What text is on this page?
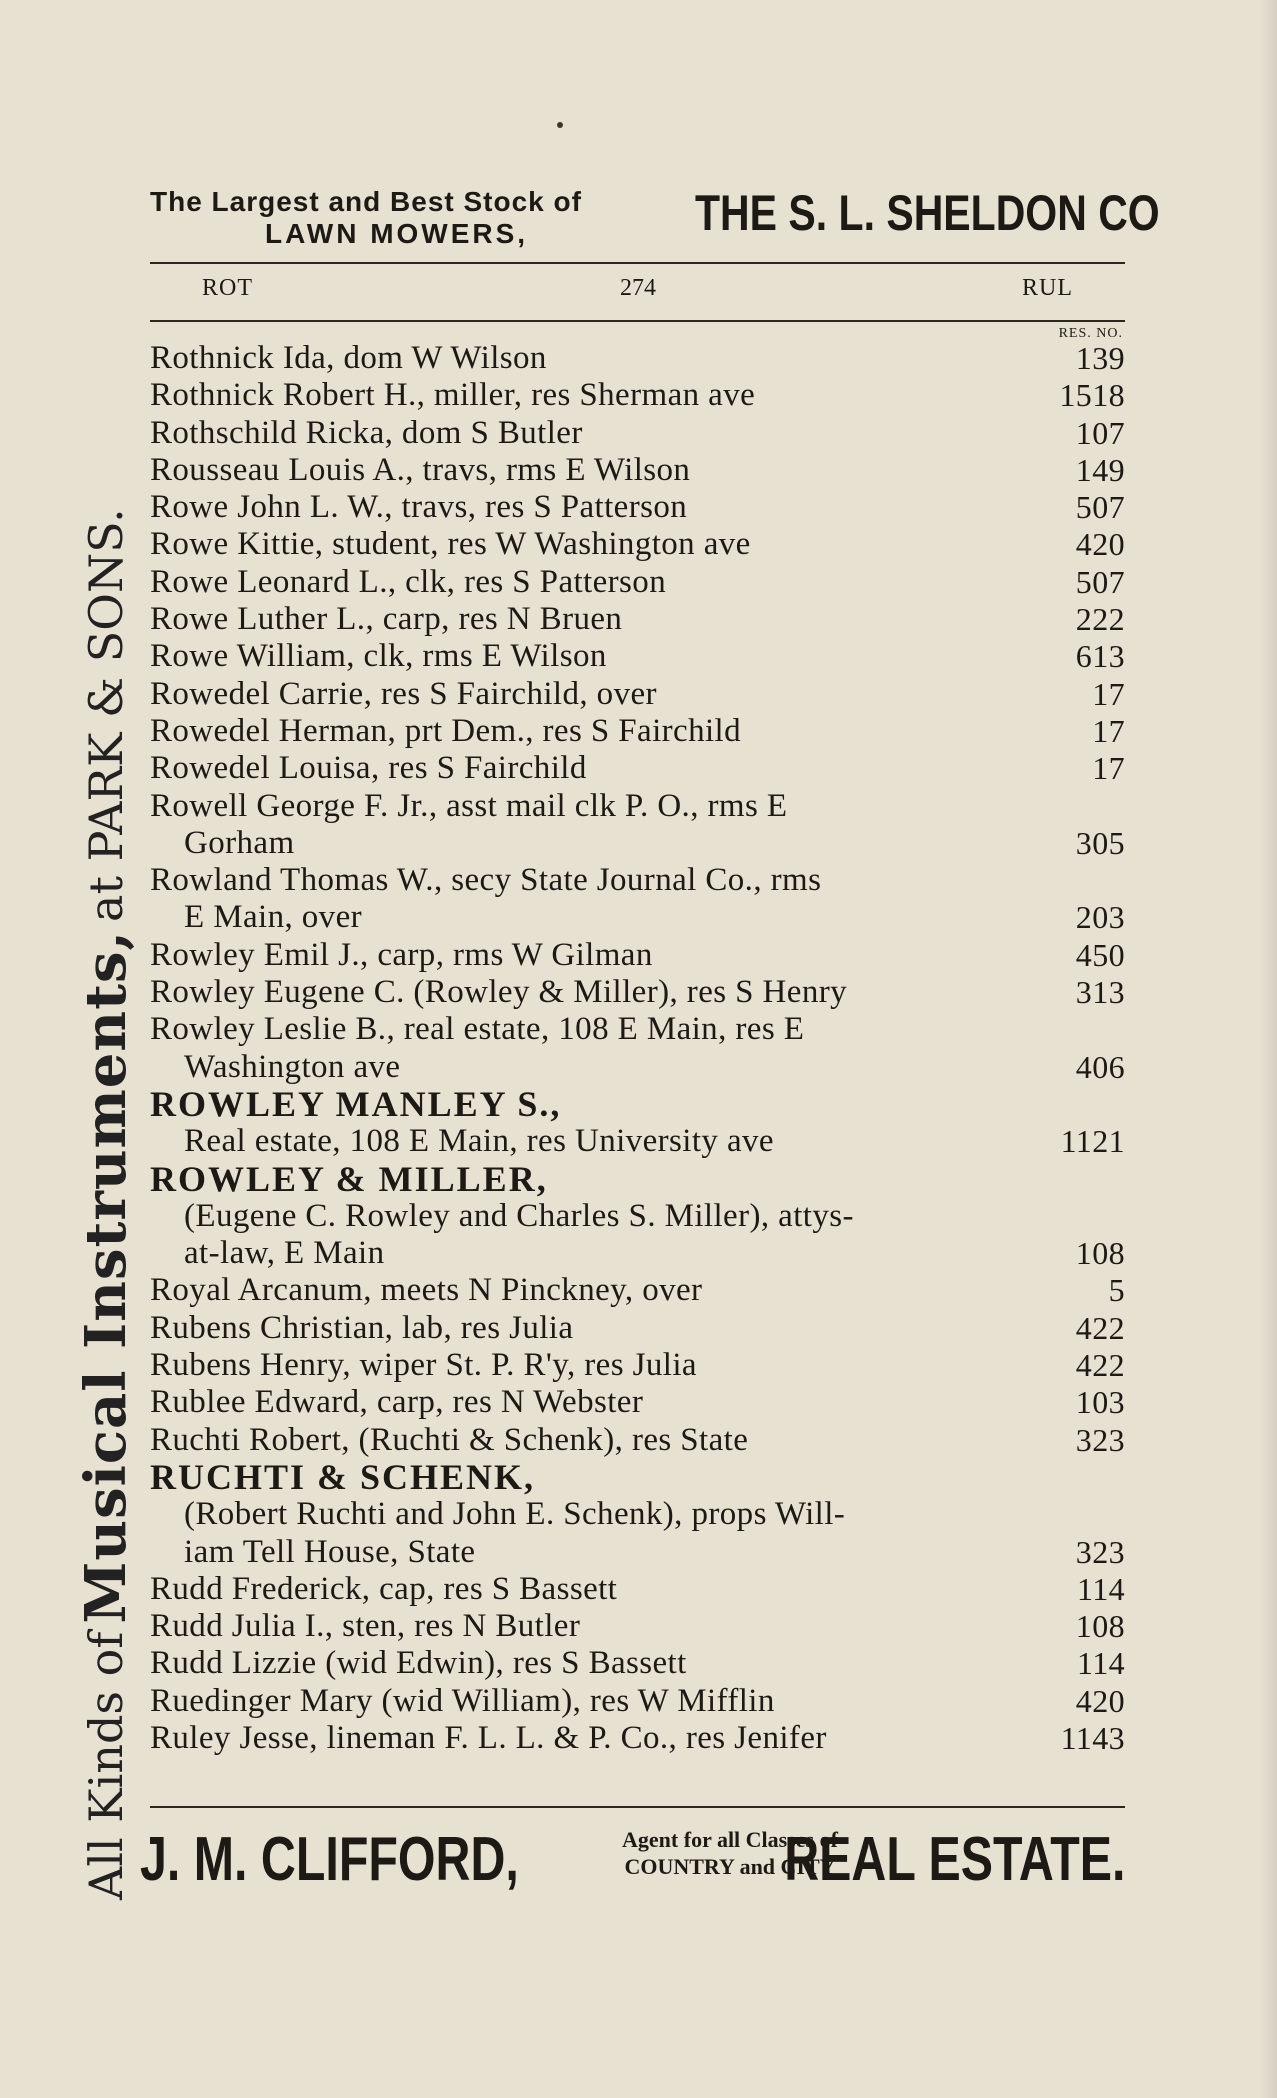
All Kinds of
Musical Instruments,
at PARK & SONS.
The Largest and Best Stock of
LAWN MOWERS,	THE S. L. SHELDON CO
ROT	274	RUL
RES. NO.
Rothnick Ida, dom W Wilson	139
Rothnick Robert H., miller, res Sherman ave	1518
Rothschild Ricka, dom S Butler	107
Rousseau Louis A., travs, rms E Wilson	149
Rowe John L. W., travs, res S Patterson	507
Rowe Kittie, student, res W Washington ave	420
Rowe Leonard L., clk, res S Patterson	507
Rowe Luther L., carp, res N Bruen	222
Rowe William, clk, rms E Wilson	613
Rowedel Carrie, res S Fairchild, over	17
Rowedel Herman, prt Dem., res S Fairchild	17
Rowedel Louisa, res S Fairchild	17
Rowell George F. Jr., asst mail clk P. O., rms E
Gorham	305
Rowland Thomas W., secy State Journal Co., rms
E Main, over	203
Rowley Emil J., carp, rms W Gilman	450
Rowley Eugene C. (Rowley & Miller), res S Henry	313
Rowley Leslie B., real estate, 108 E Main, res E
Washington ave	406
ROWLEY MANLEY S.,
Real estate, 108 E Main, res University ave	1121
ROWLEY & MILLER,
(Eugene C. Rowley and Charles S. Miller), attys-
at-law, E Main	108
Royal Arcanum, meets N Pinckney, over	5
Rubens Christian, lab, res Julia	422
Rubens Henry, wiper St. P. R'y, res Julia	422
Rublee Edward, carp, res N Webster	103
Ruchti Robert, (Ruchti & Schenk), res State	323
RUCHTI & SCHENK,
(Robert Ruchti and John E. Schenk), props Will-
iam Tell House, State	323
Rudd Frederick, cap, res S Bassett	114
Rudd Julia I., sten, res N Butler	108
Rudd Lizzie (wid Edwin), res S Bassett	114
Ruedinger Mary (wid William), res W Mifflin	420
Ruley Jesse, lineman F. L. L. & P. Co., res Jenifer	1143
J. M. CLIFFORD,	Agent for all Classes of
COUNTRY and CITY
REAL ESTATE.
